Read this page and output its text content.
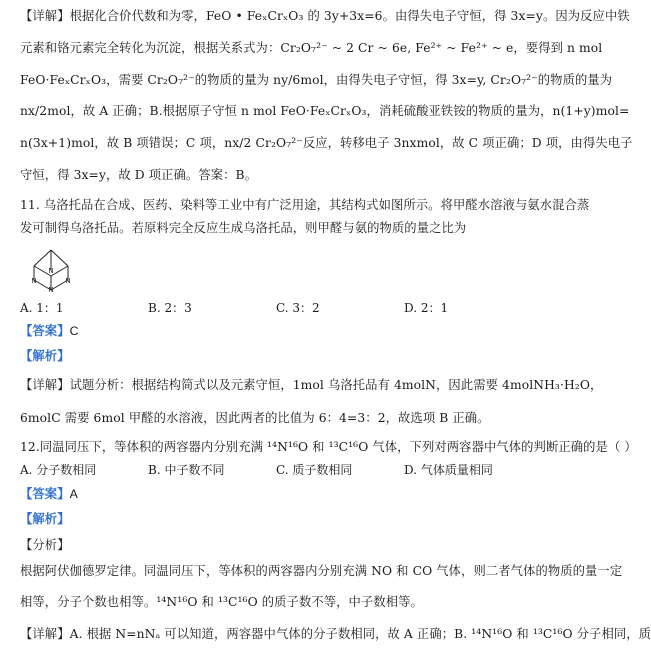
【详解】根据化合价代数和为零，FeO • FeₓCrₓO₃ 的 3y+3x=6。由得失电子守恒，得 3x=y。因为反应中铁
元素和铬元素完全转化为沉淀，根据关系式为：Cr₂O₇²⁻ ~ 2 Cr ~ 6e, Fe²⁺ ~ Fe²⁺ ~ e，要得到 n mol
FeO·FeₓCrₓO₃，需要 Cr₂O₇²⁻的物质的量为 ny/6mol，由得失电子守恒，得 3x=y, Cr₂O₇²⁻的物质的量为
nx/2mol，故 A 正确；B.根据原子守恒 n mol FeO·FeₓCrₓO₃，消耗硫酸亚铁铵的物质的量为，n(1+y)mol=
n(3x+1)mol，故 B 项错误；C 项，nx/2 Cr₂O₇²⁻反应，转移电子 3nxmol，故 C 项正确；D 项，由得失电子
守恒，得 3x=y，故 D 项正确。答案：B。
11. 乌洛托品在合成、医药、染料等工业中有广泛用途，其结构式如图所示。将甲醛水溶液与氨水混合蒸
发可制得乌洛托品。若原料完全反应生成乌洛托品，则甲醛与氨的物质的量之比为
N
N	N
N
A. 1：1	B. 2：3	C. 3：2	D. 2：1
【答案】C
【解析】
【详解】试题分析：根据结构简式以及元素守恒，1mol 乌洛托品有 4molN，因此需要 4molNH₃·H₂O，
6molC 需要 6mol 甲醛的水溶液，因此两者的比值为 6：4=3：2，故选项 B 正确。
12.同温同压下，等体积的两容器内分别充满 ¹⁴N¹⁶O 和 ¹³C¹⁶O 气体，下列对两容器中气体的判断正确的是（ ）
A. 分子数相同	B. 中子数不同	C. 质子数相同	D. 气体质量相同
【答案】A
【解析】
【分析】
根据阿伏伽德罗定律。同温同压下，等体积的两容器内分别充满 NO 和 CO 气体，则二者气体的物质的量一定
相等，分子个数也相等。¹⁴N¹⁶O 和 ¹³C¹⁶O 的质子数不等，中子数相等。
【详解】A. 根据 N=nNₐ 可以知道，两容器中气体的分子数相同，故 A 正确；B. ¹⁴N¹⁶O 和 ¹³C¹⁶O 分子相同，质
